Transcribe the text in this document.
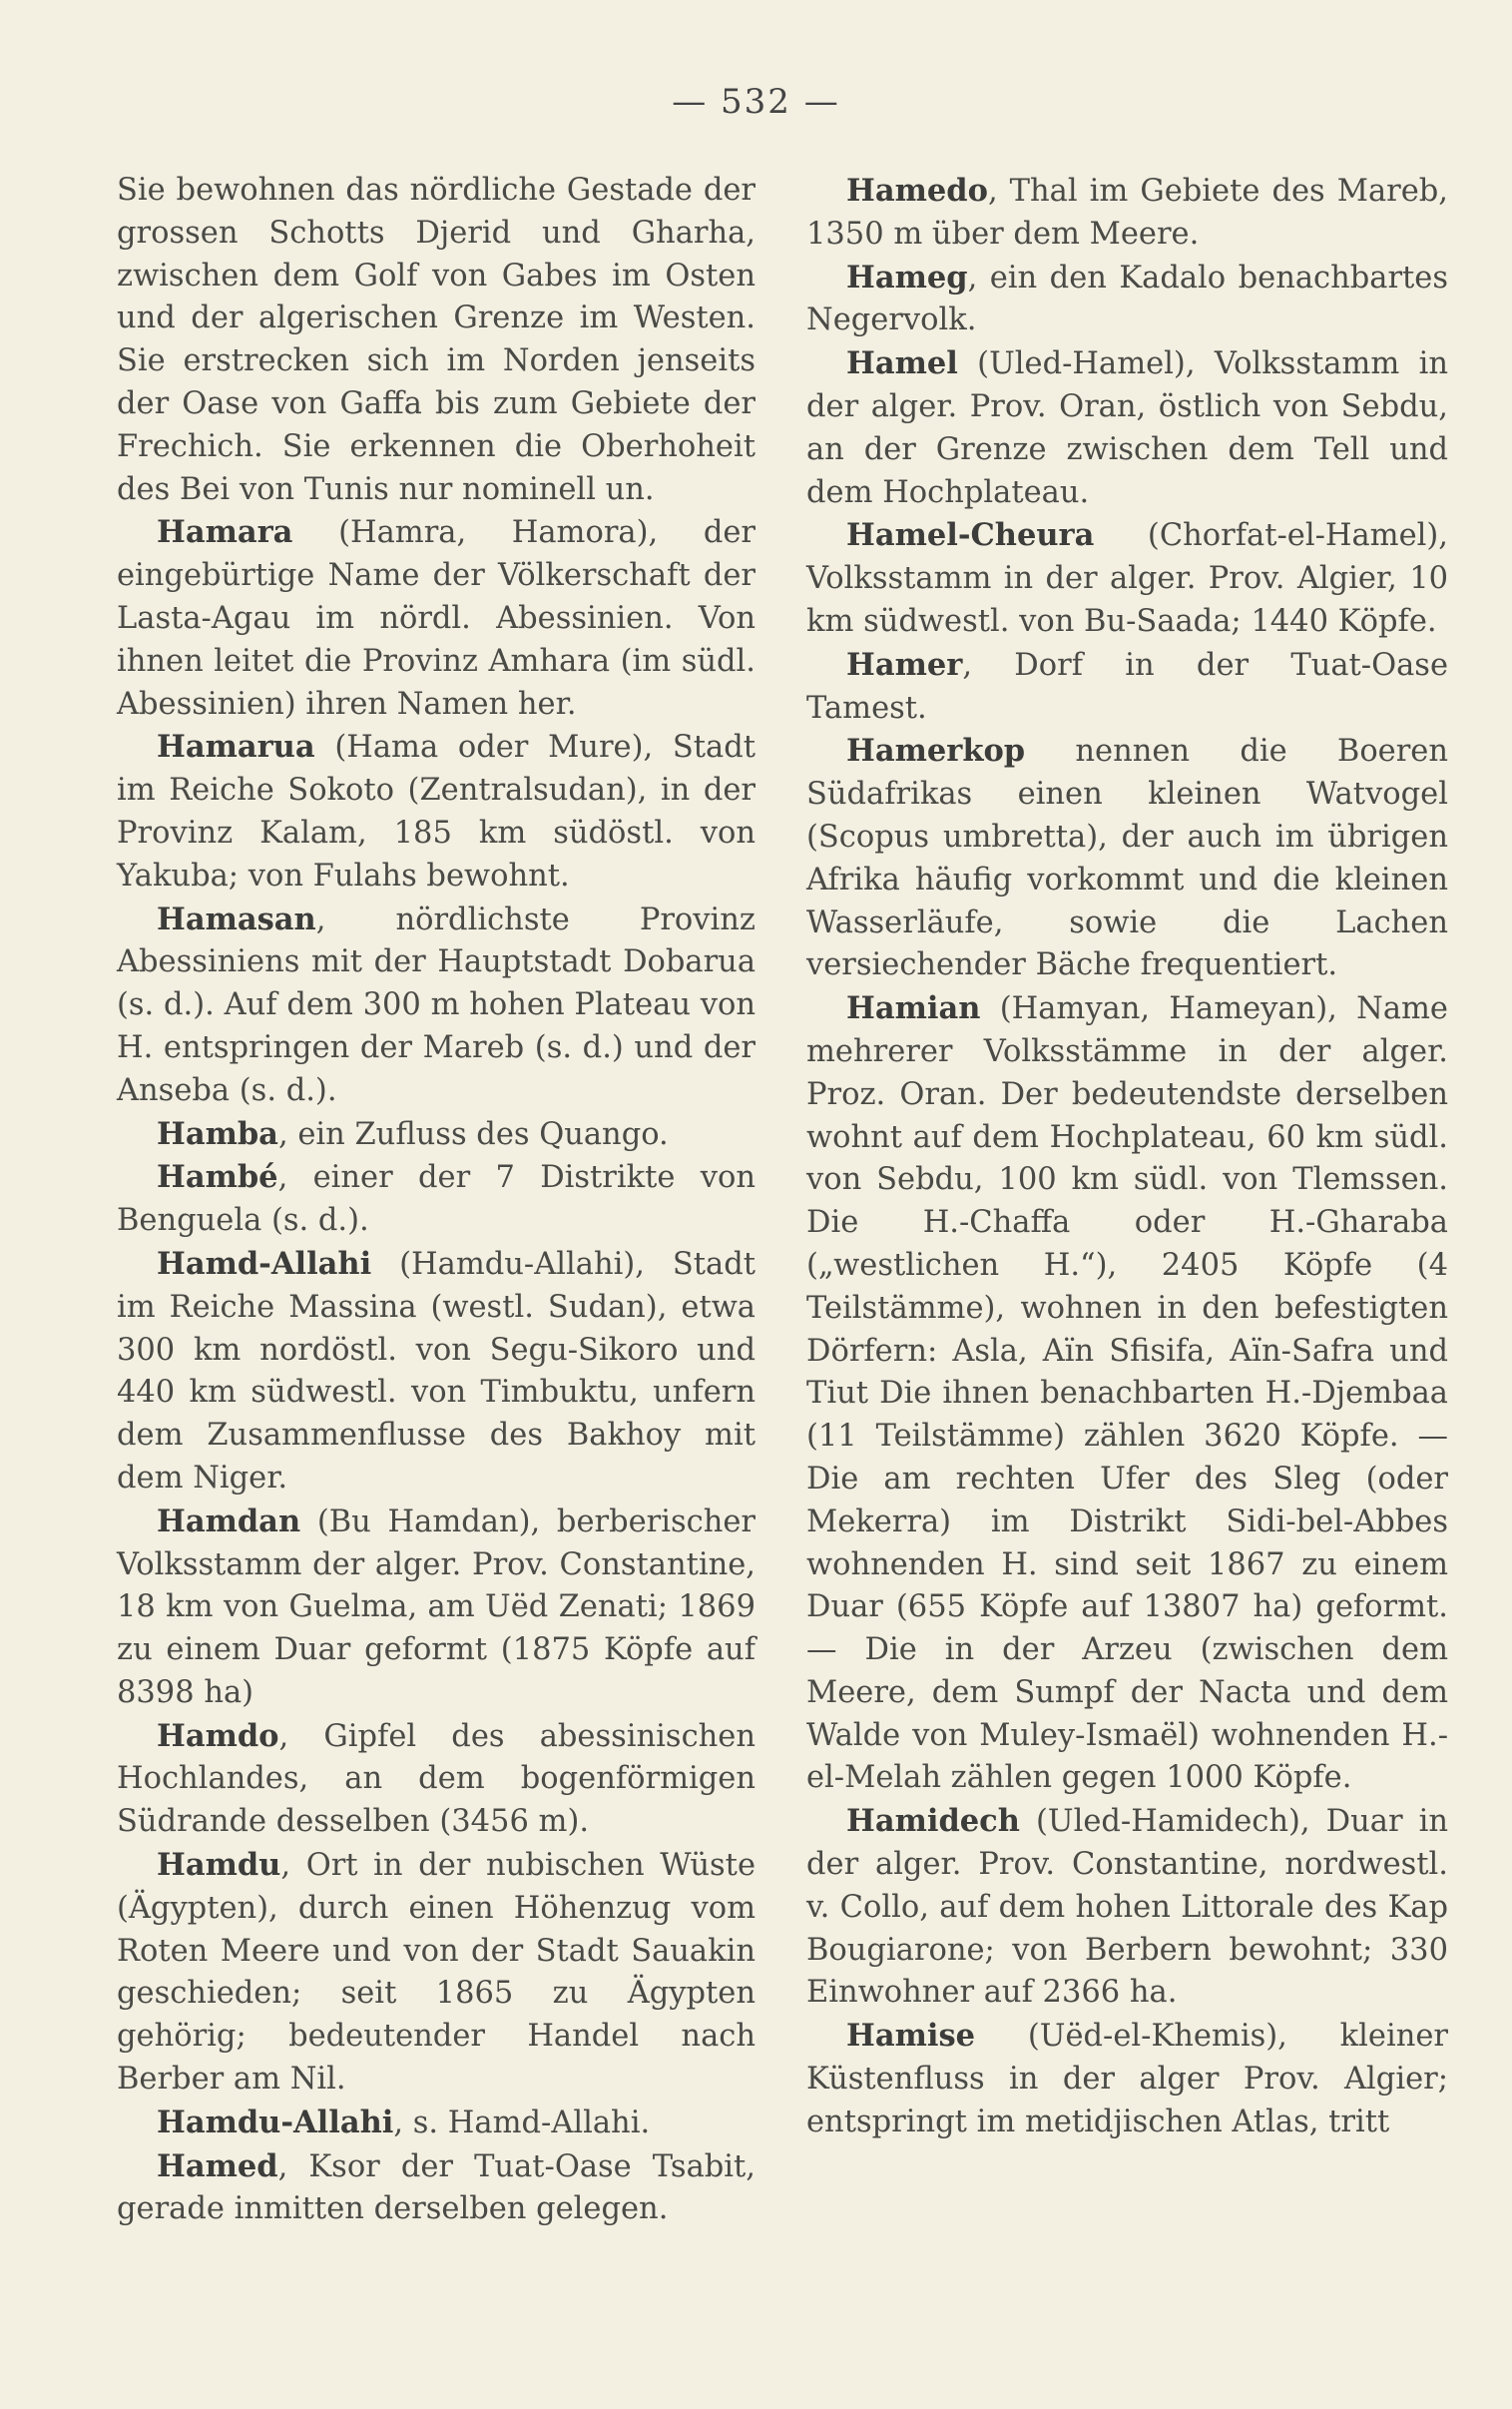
— 532 —

Sie bewohnen das nördliche Gestade der grossen Schotts Djerid und Gharha, zwischen dem Golf von Gabes im Osten und der algerischen Grenze im Westen. Sie erstrecken sich im Norden jenseits der Oase von Gaffa bis zum Gebiete der Frechich. Sie erkennen die Oberhoheit des Bei von Tunis nur nominell un.

Hamara (Hamra, Hamora), der eingebürtige Name der Völkerschaft der Lasta-Agau im nördl. Abessinien. Von ihnen leitet die Provinz Amhara (im südl. Abessinien) ihren Namen her.

Hamarua (Hama oder Mure), Stadt im Reiche Sokoto (Zentralsudan), in der Provinz Kalam, 185 km südöstl. von Yakuba; von Fulahs bewohnt.

Hamasan, nördlichste Provinz Abessiniens mit der Hauptstadt Dobarua (s. d.). Auf dem 300 m hohen Plateau von H. entspringen der Mareb (s. d.) und der Anseba (s. d.).

Hamba, ein Zufluss des Quango.

Hambé, einer der 7 Distrikte von Benguela (s. d.).

Hamd-Allahi (Hamdu-Allahi), Stadt im Reiche Massina (westl. Sudan), etwa 300 km nordöstl. von Segu-Sikoro und 440 km südwestl. von Timbuktu, unfern dem Zusammenflusse des Bakhoy mit dem Niger.

Hamdan (Bu Hamdan), berberischer Volksstamm der alger. Prov. Constantine, 18 km von Guelma, am Uëd Zenati; 1869 zu einem Duar geformt (1875 Köpfe auf 8398 ha)

Hamdo, Gipfel des abessinischen Hochlandes, an dem bogenförmigen Südrande desselben (3456 m).

Hamdu, Ort in der nubischen Wüste (Ägypten), durch einen Höhenzug vom Roten Meere und von der Stadt Sauakin geschieden; seit 1865 zu Ägypten gehörig; bedeutender Handel nach Berber am Nil.

Hamdu-Allahi, s. Hamd-Allahi.

Hamed, Ksor der Tuat-Oase Tsabit, gerade inmitten derselben gelegen.

Hamedo, Thal im Gebiete des Mareb, 1350 m über dem Meere.

Hameg, ein den Kadalo benachbartes Negervolk.

Hamel (Uled-Hamel), Volksstamm in der alger. Prov. Oran, östlich von Sebdu, an der Grenze zwischen dem Tell und dem Hochplateau.

Hamel-Cheura (Chorfat-el-Hamel), Volksstamm in der alger. Prov. Algier, 10 km südwestl. von Bu-Saada; 1440 Köpfe.

Hamer, Dorf in der Tuat-Oase Tamest.

Hamerkop nennen die Boeren Südafrikas einen kleinen Watvogel (Scopus umbretta), der auch im übrigen Afrika häufig vorkommt und die kleinen Wasserläufe, sowie die Lachen versiechender Bäche frequentiert.

Hamian (Hamyan, Hameyan), Name mehrerer Volksstämme in der alger. Proz. Oran. Der bedeutendste derselben wohnt auf dem Hochplateau, 60 km südl. von Sebdu, 100 km südl. von Tlemssen. Die H.-Chaffa oder H.-Gharaba („westlichen H.“), 2405 Köpfe (4 Teilstämme), wohnen in den befestigten Dörfern: Asla, Aïn Sfisifa, Aïn-Safra und Tiut Die ihnen benachbarten H.-Djembaa (11 Teilstämme) zählen 3620 Köpfe. — Die am rechten Ufer des Sleg (oder Mekerra) im Distrikt Sidi-bel-Abbes wohnenden H. sind seit 1867 zu einem Duar (655 Köpfe auf 13807 ha) geformt. — Die in der Arzeu (zwischen dem Meere, dem Sumpf der Nacta und dem Walde von Muley-Ismaël) wohnenden H.-el-Melah zählen gegen 1000 Köpfe.

Hamidech (Uled-Hamidech), Duar in der alger. Prov. Constantine, nordwestl. v. Collo, auf dem hohen Littorale des Kap Bougiarone; von Berbern bewohnt; 330 Einwohner auf 2366 ha.

Hamise (Uëd-el-Khemis), kleiner Küstenfluss in der alger Prov. Algier; entspringt im metidjischen Atlas, tritt
